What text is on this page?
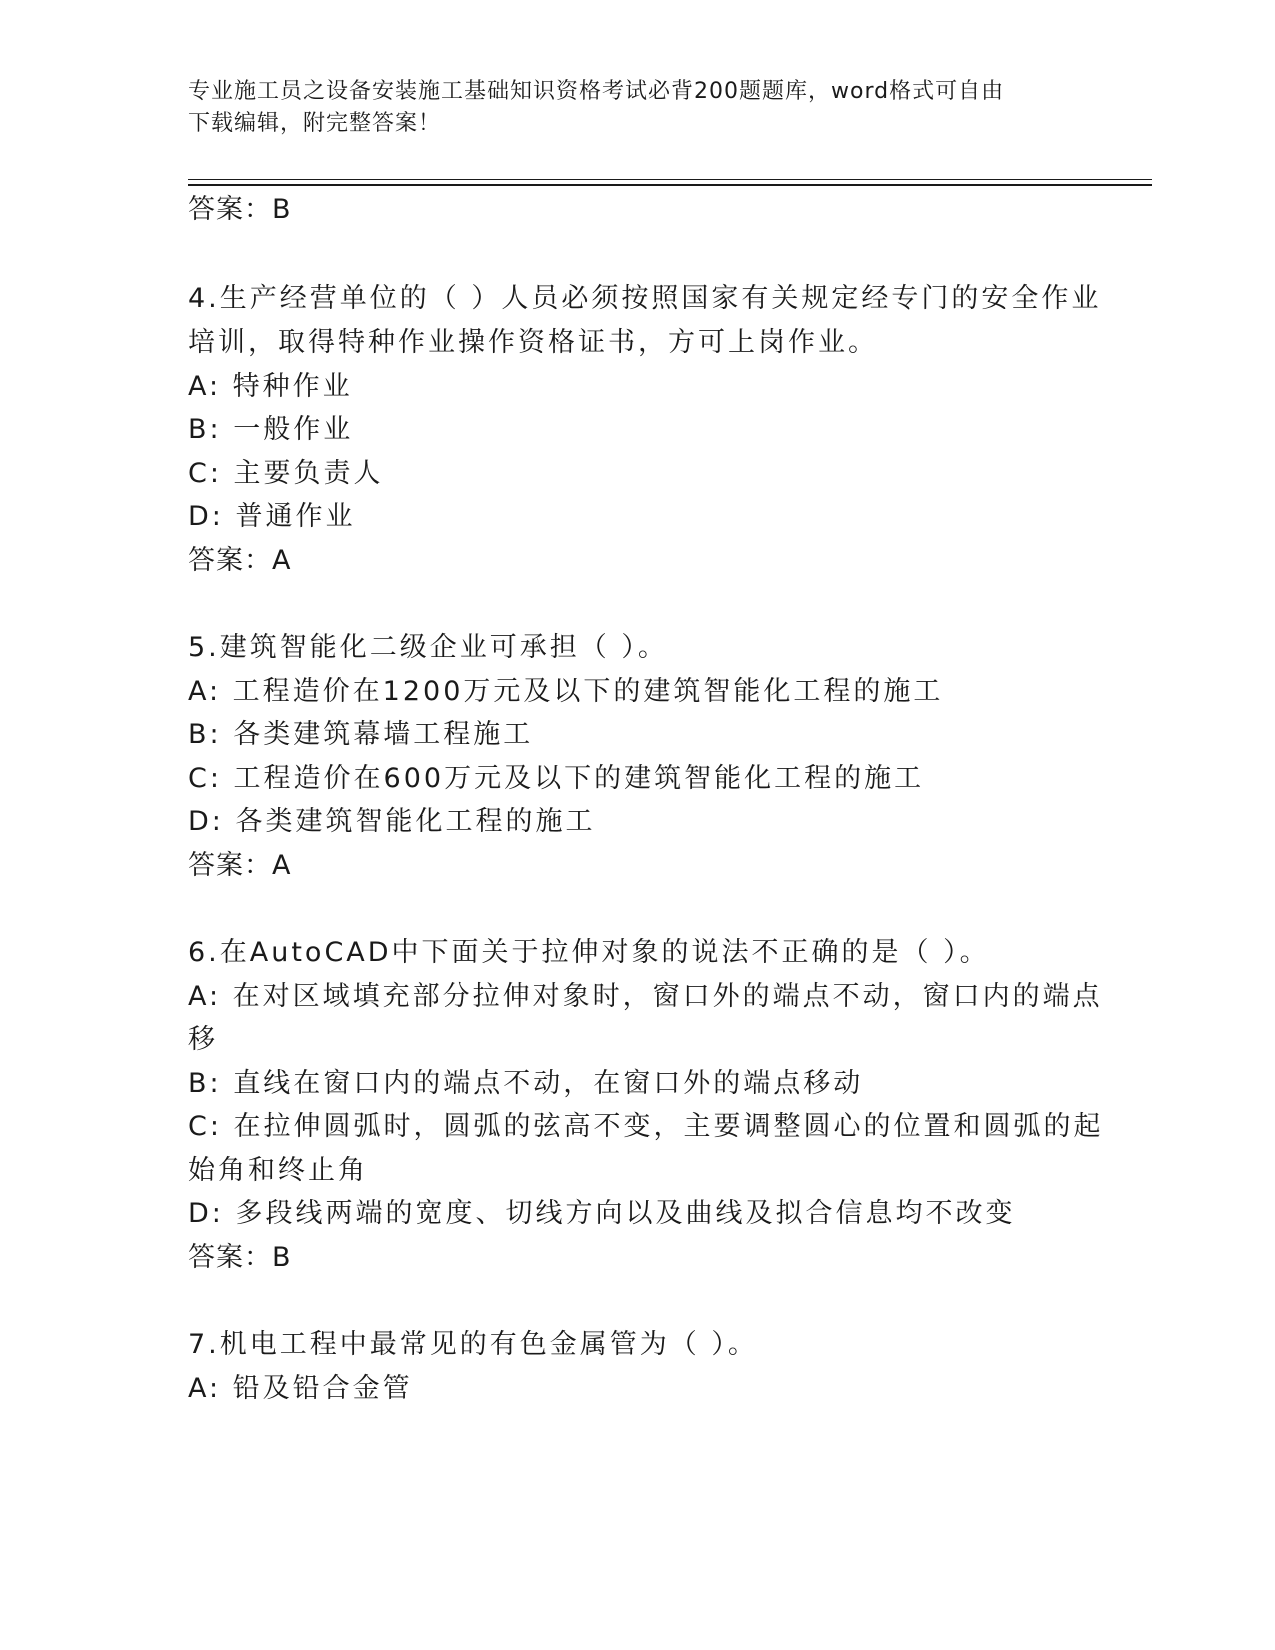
专业施工员之设备安装施工基础知识资格考试必背200题题库，word格式可自由
下载编辑，附完整答案！
答案：B
4.生产经营单位的（ ）人员必须按照国家有关规定经专门的安全作业
培训，取得特种作业操作资格证书，方可上岗作业。
A: 特种作业
B: 一般作业
C: 主要负责人
D: 普通作业
答案：A
5.建筑智能化二级企业可承担（ ）。
A: 工程造价在1200万元及以下的建筑智能化工程的施工
B: 各类建筑幕墙工程施工
C: 工程造价在600万元及以下的建筑智能化工程的施工
D: 各类建筑智能化工程的施工
答案：A
6.在AutoCAD中下面关于拉伸对象的说法不正确的是（ ）。
A: 在对区域填充部分拉伸对象时，窗口外的端点不动，窗口内的端点
移
B: 直线在窗口内的端点不动，在窗口外的端点移动
C: 在拉伸圆弧时，圆弧的弦高不变，主要调整圆心的位置和圆弧的起
始角和终止角
D: 多段线两端的宽度、切线方向以及曲线及拟合信息均不改变
答案：B
7.机电工程中最常见的有色金属管为（ ）。
A: 铅及铅合金管
